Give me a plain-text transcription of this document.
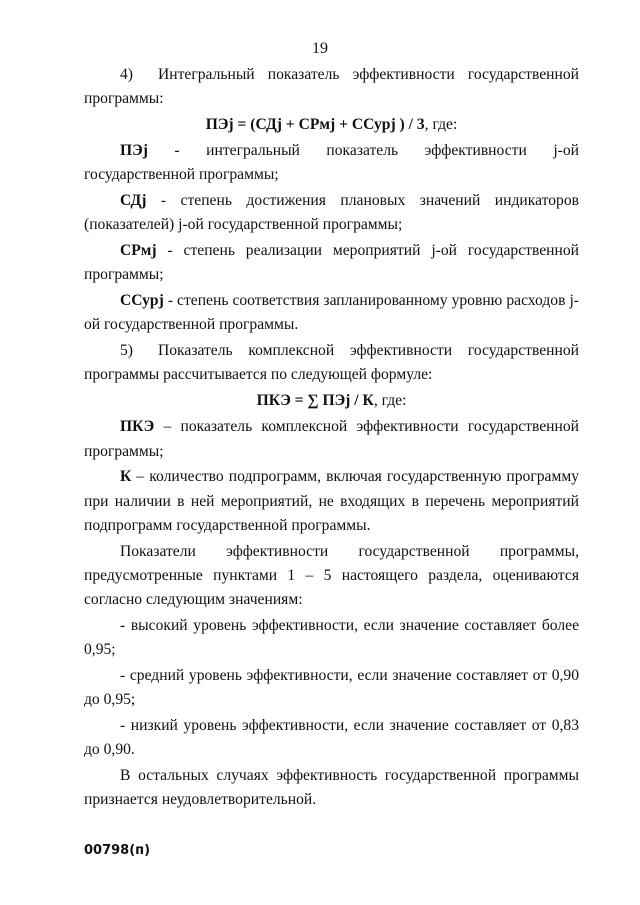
19

4) Интегральный показатель эффективности государственной программы:

ПЭj = (СДj + СРмj + ССуpj ) / 3, где:

ПЭj - интегральный показатель эффективности j-ой государственной программы;

СДj - степень достижения плановых значений индикаторов (показателей) j-ой государственной программы;

СРмj - степень реализации мероприятий j-ой государственной программы;

ССуpj - степень соответствия запланированному уровню расходов j-ой государственной программы.

5) Показатель комплексной эффективности государственной программы рассчитывается по следующей формуле:

ПКЭ = ∑ ПЭj / К, где:

ПКЭ – показатель комплексной эффективности государственной программы;

К – количество подпрограмм, включая государственную программу при наличии в ней мероприятий, не входящих в перечень мероприятий подпрограмм государственной программы.

Показатели эффективности государственной программы, предусмотренные пунктами 1 – 5 настоящего раздела, оцениваются согласно следующим значениям:

- высокий уровень эффективности, если значение составляет более 0,95;

- средний уровень эффективности, если значение составляет от 0,90 до 0,95;

- низкий уровень эффективности, если значение составляет от 0,83 до 0,90.

В остальных случаях эффективность государственной программы признается неудовлетворительной.

00798(п)
